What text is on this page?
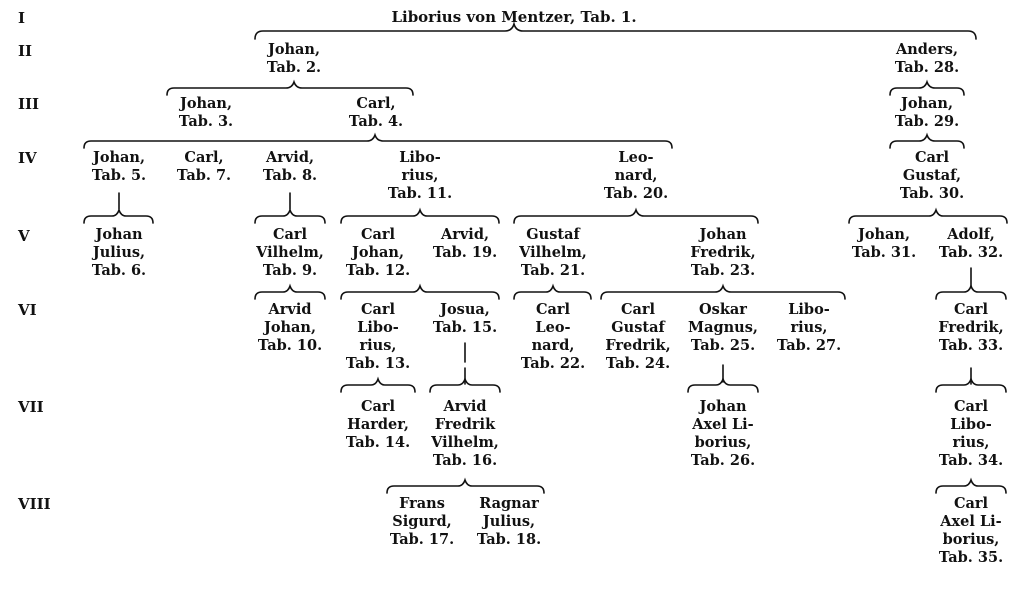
I
II
III
IV
V
VI
VII
VIII
Liborius von Mentzer, Tab. 1.
Johan,
Tab. 2.
Anders,
Tab. 28.
Johan,
Tab. 3.
Carl,
Tab. 4.
Johan,
Tab. 29.
Johan,
Tab. 5.
Carl,
Tab. 7.
Arvid,
Tab. 8.
Libo-
rius,
Tab. 11.
Leo-
nard,
Tab. 20.
Carl
Gustaf,
Tab. 30.
Johan
Julius,
Tab. 6.
Carl
Vilhelm,
Tab. 9.
Carl
Johan,
Tab. 12.
Arvid,
Tab. 19.
Gustaf
Vilhelm,
Tab. 21.
Johan
Fredrik,
Tab. 23.
Johan,
Tab. 31.
Adolf,
Tab. 32.
Arvid
Johan,
Tab. 10.
Carl
Libo-
rius,
Tab. 13.
Josua,
Tab. 15.
Carl
Leo-
nard,
Tab. 22.
Carl
Gustaf
Fredrik,
Tab. 24.
Oskar
Magnus,
Tab. 25.
Libo-
rius,
Tab. 27.
Carl
Fredrik,
Tab. 33.
Carl
Harder,
Tab. 14.
Arvid
Fredrik
Vilhelm,
Tab. 16.
Johan
Axel Li-
borius,
Tab. 26.
Carl
Libo-
rius,
Tab. 34.
Frans
Sigurd,
Tab. 17.
Ragnar
Julius,
Tab. 18.
Carl
Axel Li-
borius,
Tab. 35.
